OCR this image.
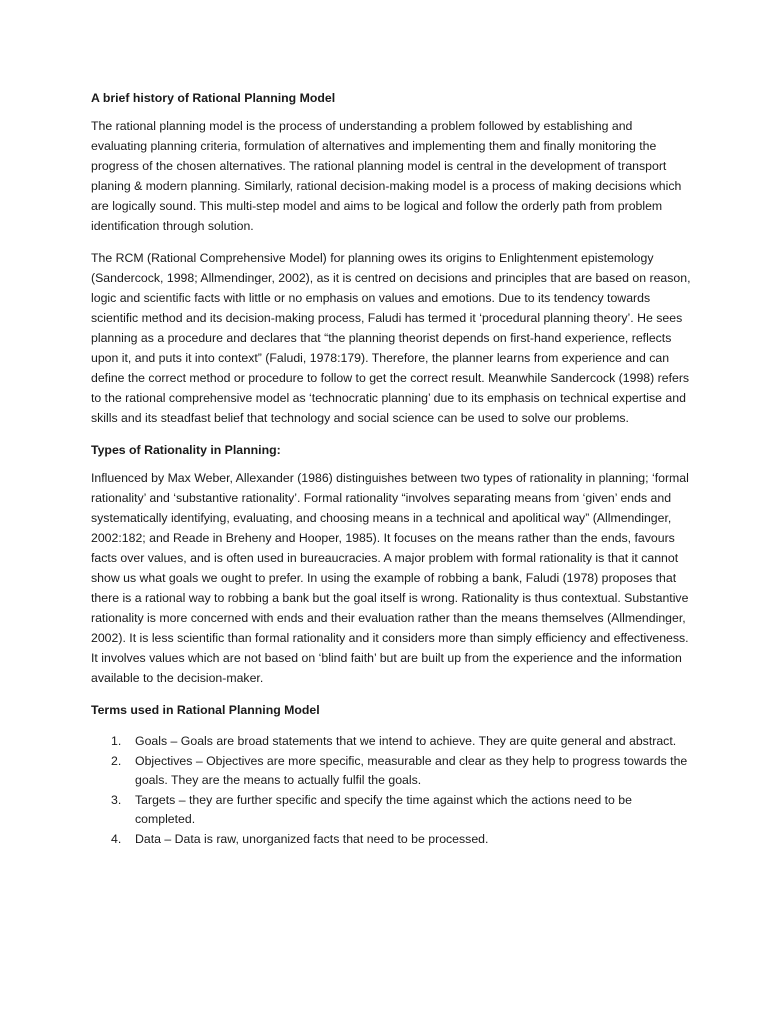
A brief history of Rational Planning Model

The rational planning model is the process of understanding a problem followed by establishing and evaluating planning criteria, formulation of alternatives and implementing them and finally monitoring the progress of the chosen alternatives. The rational planning model is central in the development of transport planing & modern planning. Similarly, rational decision-making model is a process of making decisions which are logically sound. This multi-step model and aims to be logical and follow the orderly path from problem identification through solution.

The RCM (Rational Comprehensive Model) for planning owes its origins to Enlightenment epistemology (Sandercock, 1998; Allmendinger, 2002), as it is centred on decisions and principles that are based on reason, logic and scientific facts with little or no emphasis on values and emotions. Due to its tendency towards scientific method and its decision-making process, Faludi has termed it ‘procedural planning theory’. He sees planning as a procedure and declares that “the planning theorist depends on first-hand experience, reflects upon it, and puts it into context” (Faludi, 1978:179). Therefore, the planner learns from experience and can define the correct method or procedure to follow to get the correct result. Meanwhile Sandercock (1998) refers to the rational comprehensive model as ‘technocratic planning’ due to its emphasis on technical expertise and skills and its steadfast belief that technology and social science can be used to solve our problems.

Types of Rationality in Planning:

Influenced by Max Weber, Allexander (1986) distinguishes between two types of rationality in planning; ‘formal rationality’ and ‘substantive rationality’. Formal rationality “involves separating means from ‘given’ ends and systematically identifying, evaluating, and choosing means in a technical and apolitical way” (Allmendinger, 2002:182; and Reade in Breheny and Hooper, 1985). It focuses on the means rather than the ends, favours facts over values, and is often used in bureaucracies. A major problem with formal rationality is that it cannot show us what goals we ought to prefer. In using the example of robbing a bank, Faludi (1978) proposes that there is a rational way to robbing a bank but the goal itself is wrong. Rationality is thus contextual. Substantive rationality is more concerned with ends and their evaluation rather than the means themselves (Allmendinger, 2002). It is less scientific than formal rationality and it considers more than simply efficiency and effectiveness. It involves values which are not based on ‘blind faith’ but are built up from the experience and the information available to the decision-maker.

Terms used in Rational Planning Model
1. Goals – Goals are broad statements that we intend to achieve. They are quite general and abstract.
2. Objectives – Objectives are more specific, measurable and clear as they help to progress towards the goals. They are the means to actually fulfil the goals.
3. Targets – they are further specific and specify the time against which the actions need to be completed.
4. Data – Data is raw, unorganized facts that need to be processed.
